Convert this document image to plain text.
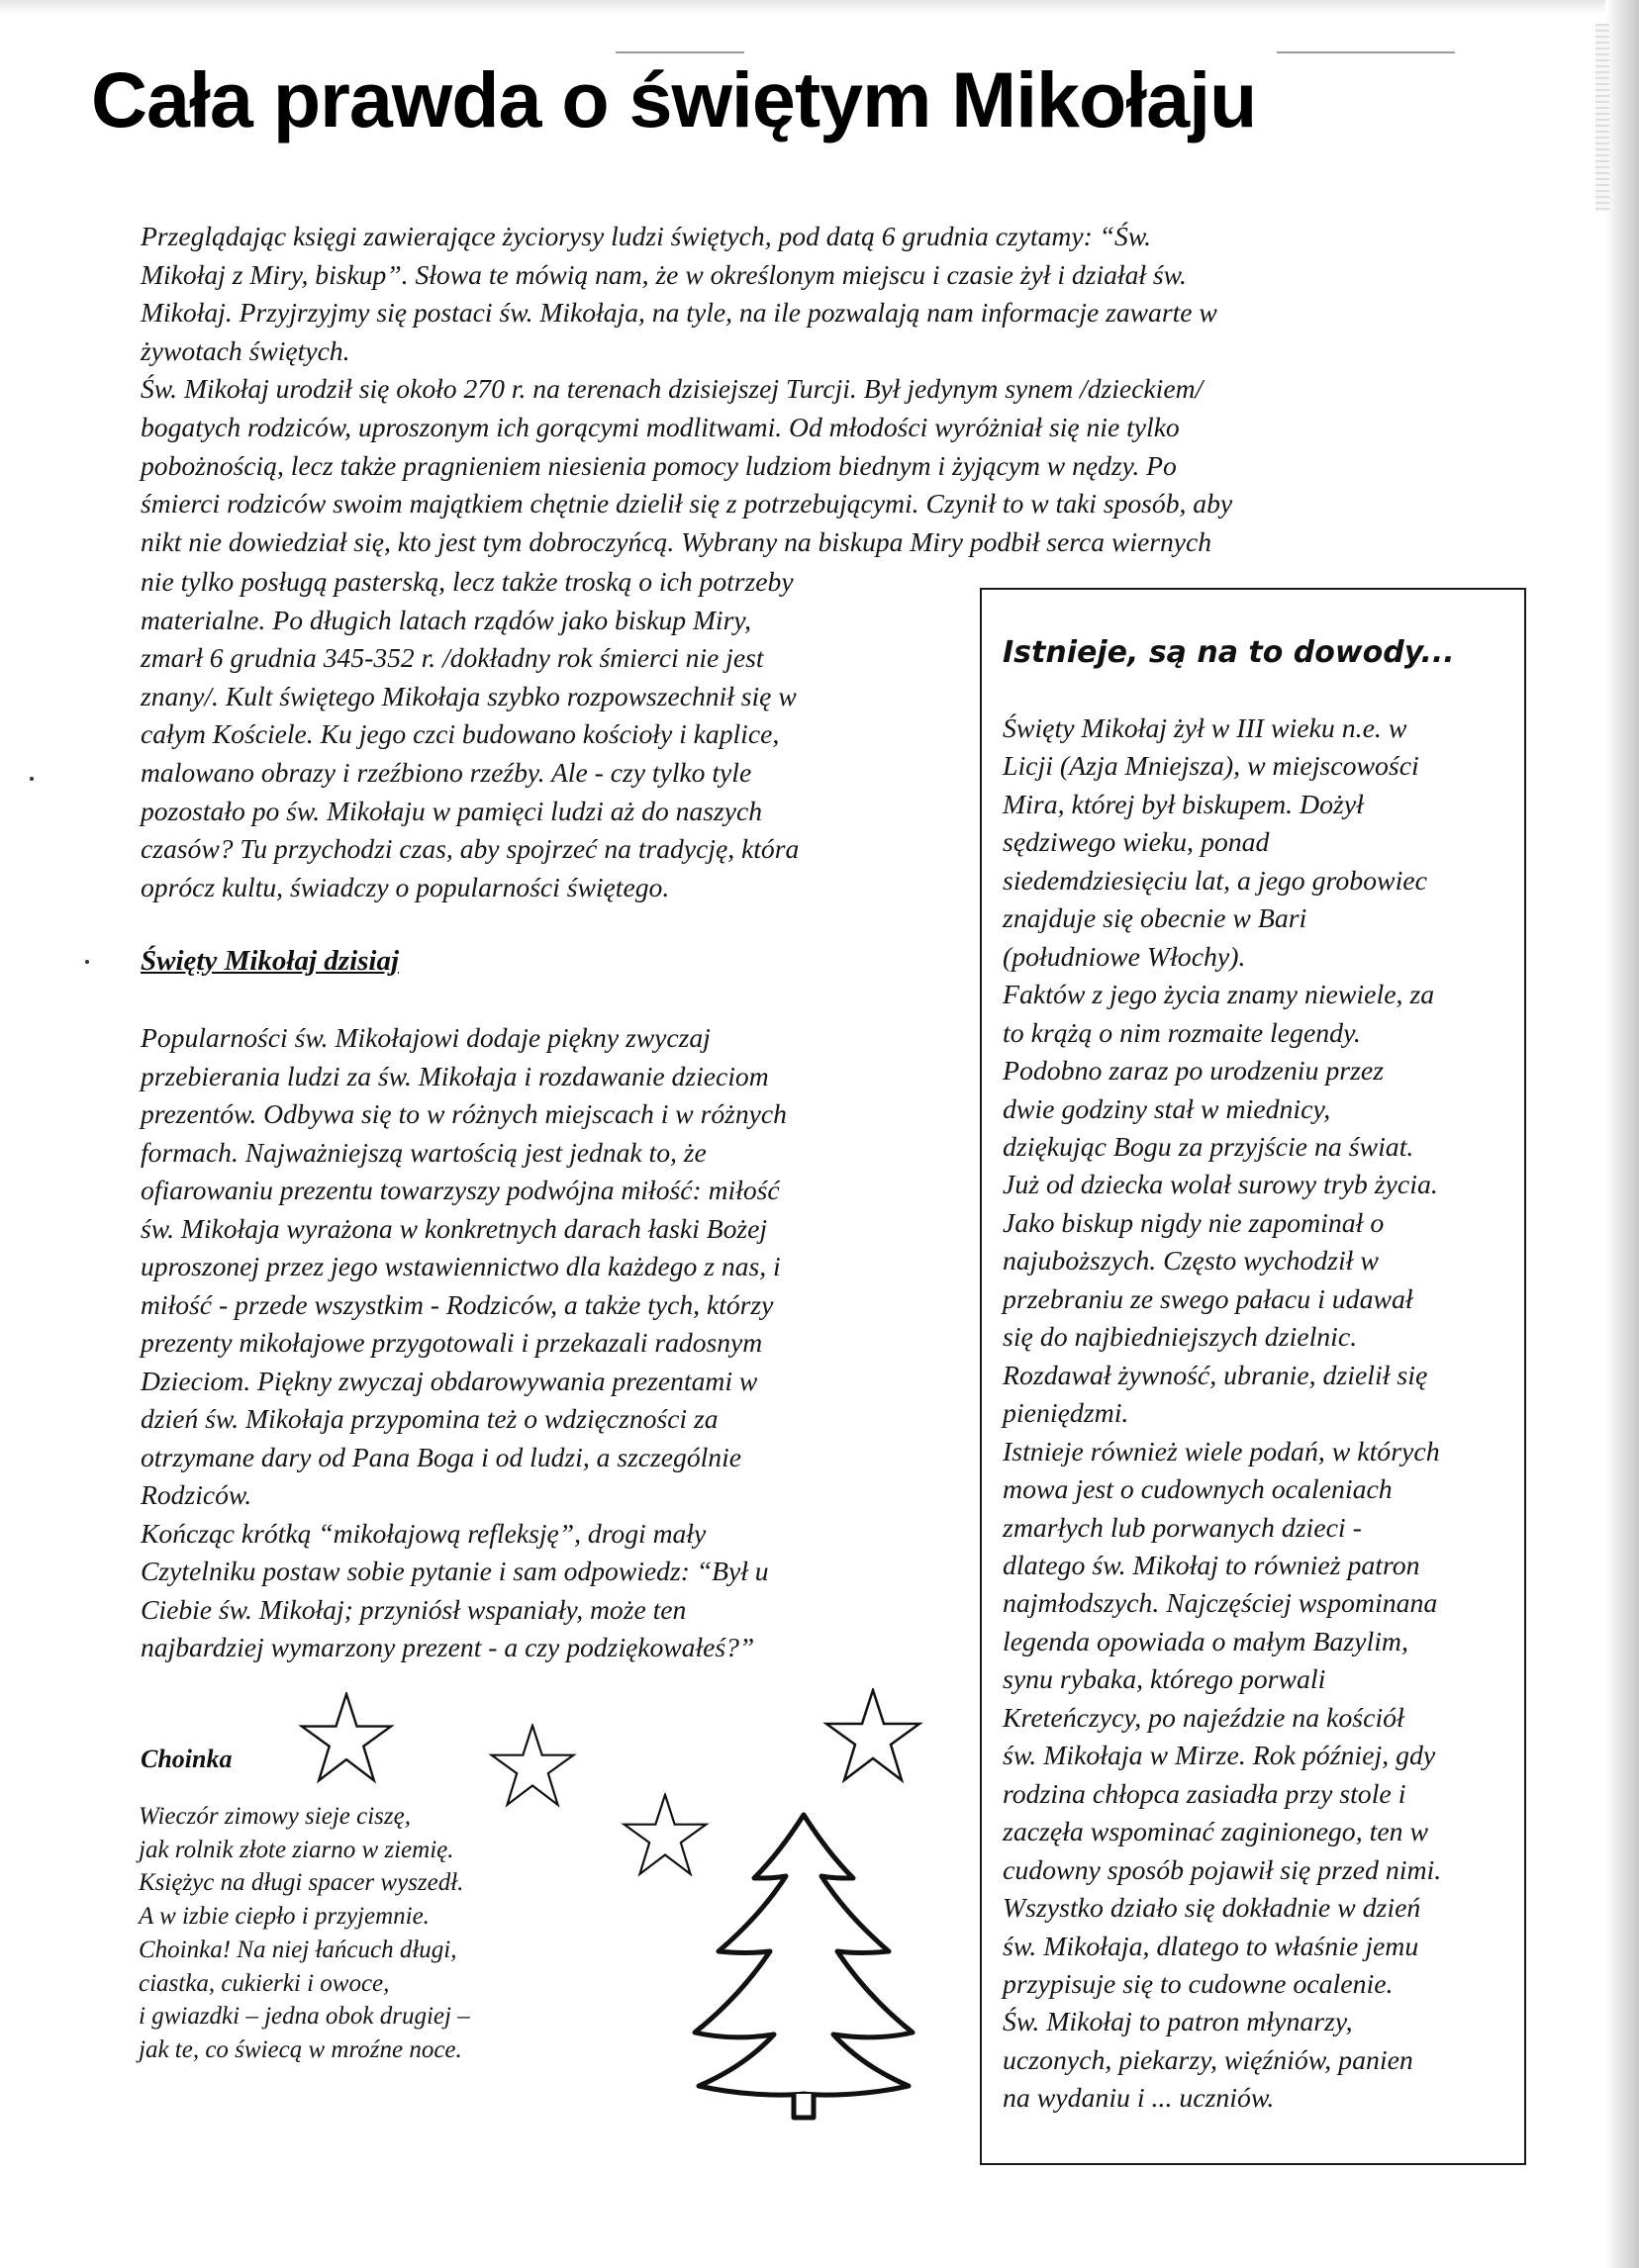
Cała prawda o świętym Mikołaju
Przeglądając księgi zawierające życiorysy ludzi świętych, pod datą 6 grudnia czytamy: “Św.
Mikołaj z Miry, biskup”. Słowa te mówią nam, że w określonym miejscu i czasie żył i działał św.
Mikołaj. Przyjrzyjmy się postaci św. Mikołaja, na tyle, na ile pozwalają nam informacje zawarte w
żywotach świętych.
Św. Mikołaj urodził się około 270 r. na terenach dzisiejszej Turcji. Był jedynym synem /dzieckiem/
bogatych rodziców, uproszonym ich gorącymi modlitwami. Od młodości wyróżniał się nie tylko
pobożnością, lecz także pragnieniem niesienia pomocy ludziom biednym i żyjącym w nędzy. Po
śmierci rodziców swoim majątkiem chętnie dzielił się z potrzebującymi. Czynił to w taki sposób, aby
nikt nie dowiedział się, kto jest tym dobroczyńcą. Wybrany na biskupa Miry podbił serca wiernych
nie tylko posługą pasterską, lecz także troską o ich potrzeby
materialne. Po długich latach rządów jako biskup Miry,
zmarł 6 grudnia 345-352 r. /dokładny rok śmierci nie jest
znany/. Kult świętego Mikołaja szybko rozpowszechnił się w
całym Kościele. Ku jego czci budowano kościoły i kaplice,
malowano obrazy i rzeźbiono rzeźby. Ale - czy tylko tyle
pozostało po św. Mikołaju w pamięci ludzi aż do naszych
czasów? Tu przychodzi czas, aby spojrzeć na tradycję, która
oprócz kultu, świadczy o popularności świętego.
Święty Mikołaj dzisiaj
Popularności św. Mikołajowi dodaje piękny zwyczaj
przebierania ludzi za św. Mikołaja i rozdawanie dzieciom
prezentów. Odbywa się to w różnych miejscach i w różnych
formach. Najważniejszą wartością jest jednak to, że
ofiarowaniu prezentu towarzyszy podwójna miłość: miłość
św. Mikołaja wyrażona w konkretnych darach łaski Bożej
uproszonej przez jego wstawiennictwo dla każdego z nas, i
miłość - przede wszystkim - Rodziców, a także tych, którzy
prezenty mikołajowe przygotowali i przekazali radosnym
Dzieciom. Piękny zwyczaj obdarowywania prezentami w
dzień św. Mikołaja przypomina też o wdzięczności za
otrzymane dary od Pana Boga i od ludzi, a szczególnie
Rodziców.
Kończąc krótką “mikołajową refleksję”, drogi mały
Czytelniku postaw sobie pytanie i sam odpowiedz: “Był u
Ciebie św. Mikołaj; przyniósł wspaniały, może ten
najbardziej wymarzony prezent - a czy podziękowałeś?”
Istnieje, są na to dowody...
Święty Mikołaj żył w III wieku n.e. w
Licji (Azja Mniejsza), w miejscowości
Mira, której był biskupem. Dożył
sędziwego wieku, ponad
siedemdziesięciu lat, a jego grobowiec
znajduje się obecnie w Bari
(południowe Włochy).
Faktów z jego życia znamy niewiele, za
to krążą o nim rozmaite legendy.
Podobno zaraz po urodzeniu przez
dwie godziny stał w miednicy,
dziękując Bogu za przyjście na świat.
Już od dziecka wolał surowy tryb życia.
Jako biskup nigdy nie zapominał o
najuboższych. Często wychodził w
przebraniu ze swego pałacu i udawał
się do najbiedniejszych dzielnic.
Rozdawał żywność, ubranie, dzielił się
pieniędzmi.
Istnieje również wiele podań, w których
mowa jest o cudownych ocaleniach
zmarłych lub porwanych dzieci -
dlatego św. Mikołaj to również patron
najmłodszych. Najczęściej wspominana
legenda opowiada o małym Bazylim,
synu rybaka, którego porwali
Kreteńczycy, po najeździe na kościół
św. Mikołaja w Mirze. Rok później, gdy
rodzina chłopca zasiadła przy stole i
zaczęła wspominać zaginionego, ten w
cudowny sposób pojawił się przed nimi.
Wszystko działo się dokładnie w dzień
św. Mikołaja, dlatego to właśnie jemu
przypisuje się to cudowne ocalenie.
Św. Mikołaj to patron młynarzy,
uczonych, piekarzy, więźniów, panien
na wydaniu i ... uczniów.
Choinka
Wieczór zimowy sieje ciszę,
jak rolnik złote ziarno w ziemię.
Księżyc na długi spacer wyszedł.
A w izbie ciepło i przyjemnie.
Choinka! Na niej łańcuch długi,
ciastka, cukierki i owoce,
i gwiazdki – jedna obok drugiej –
jak te, co świecą w mroźne noce.
